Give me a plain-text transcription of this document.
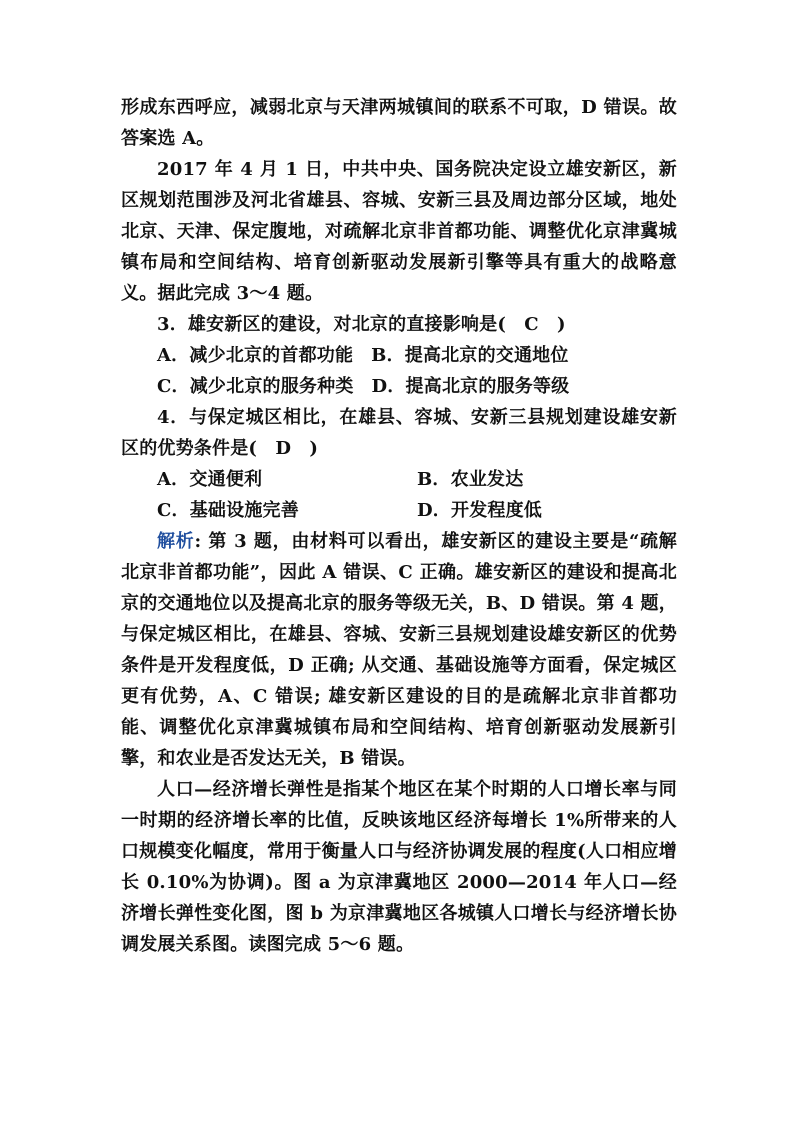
形成东西呼应，减弱北京与天津两城镇间的联系不可取，D 错误。故答案选 A。

2017 年 4 月 1 日，中共中央、国务院决定设立雄安新区，新区规划范围涉及河北省雄县、容城、安新三县及周边部分区域，地处北京、天津、保定腹地，对疏解北京非首都功能、调整优化京津冀城镇布局和空间结构、培育创新驱动发展新引擎等具有重大的战略意义。据此完成 3～4 题。

3．雄安新区的建设，对北京的直接影响是(　C　)

A．减少北京的首都功能 B．提高北京的交通地位
C．减少北京的服务种类 D．提高北京的服务等级

4．与保定城区相比，在雄县、容城、安新三县规划建设雄安新区的优势条件是(　D　)

A．交通便利	B．农业发达
C．基础设施完善	D．开发程度低

解析: 第 3 题，由材料可以看出，雄安新区的建设主要是“疏解北京非首都功能”，因此 A 错误、C 正确。雄安新区的建设和提高北京的交通地位以及提高北京的服务等级无关，B、D 错误。第 4 题，与保定城区相比，在雄县、容城、安新三县规划建设雄安新区的优势条件是开发程度低，D 正确; 从交通、基础设施等方面看，保定城区更有优势，A、C 错误; 雄安新区建设的目的是疏解北京非首都功能、调整优化京津冀城镇布局和空间结构、培育创新驱动发展新引擎，和农业是否发达无关，B 错误。

人口—经济增长弹性是指某个地区在某个时期的人口增长率与同一时期的经济增长率的比值，反映该地区经济每增长 1%所带来的人口规模变化幅度，常用于衡量人口与经济协调发展的程度(人口相应增长 0.10%为协调)。图 a 为京津冀地区 2000—2014 年人口—经济增长弹性变化图，图 b 为京津冀地区各城镇人口增长与经济增长协调发展关系图。读图完成 5～6 题。
